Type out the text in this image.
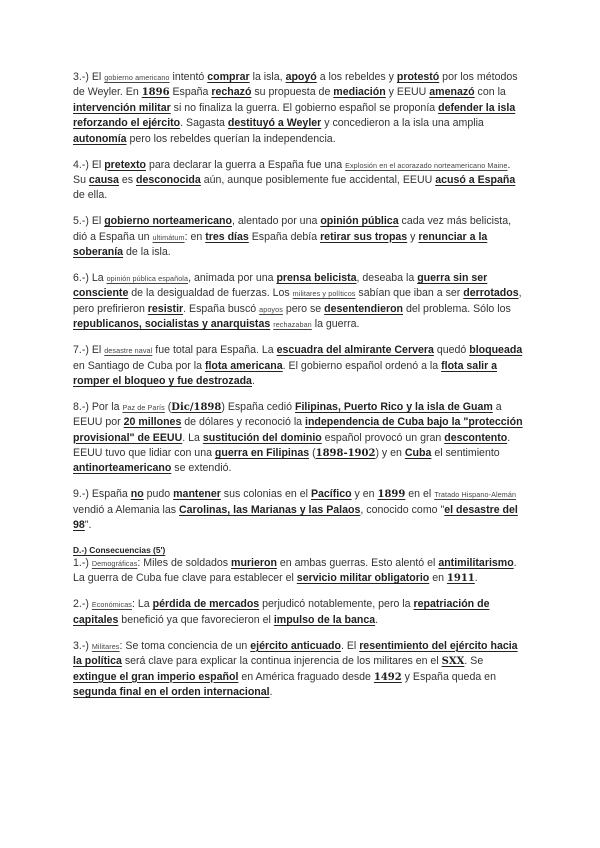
3.-) El gobierno americano intentó comprar la isla, apoyó a los rebeldes y protestó por los métodos de Weyler. En 1896 España rechazó su propuesta de mediación y EEUU amenazó con la intervención militar si no finaliza la guerra. El gobierno español se proponía defender la isla reforzando el ejército. Sagasta destituyó a Weyler y concedieron a la isla una amplia autonomía pero los rebeldes querían la independencia.

4.-) El pretexto para declarar la guerra a España fue una Explosión en el acorazado norteamericano Maine. Su causa es desconocida aún, aunque posiblemente fue accidental, EEUU acusó a España de ella.

5.-) El gobierno norteamericano, alentado por una opinión pública cada vez más belicista, dió a España un ultimátum: en tres días España debía retirar sus tropas y renunciar a la soberanía de la isla.

6.-) La opinión pública española, animada por una prensa belicista, deseaba la guerra sin ser consciente de la desigualdad de fuerzas. Los militares y políticos sabían que iban a ser derrotados, pero prefirieron resistir. España buscó apoyos pero se desentendieron del problema. Sólo los republicanos, socialistas y anarquistas rechazaban la guerra.

7.-) El desastre naval fue total para España. La escuadra del almirante Cervera quedó bloqueada en Santiago de Cuba por la flota americana. El gobierno español ordenó a la flota salir a romper el bloqueo y fue destrozada.

8.-) Por la Paz de París (Dic/1898) España cedió Filipinas, Puerto Rico y la isla de Guam a EEUU por 20 millones de dólares y reconoció la independencia de Cuba bajo la "protección provisional" de EEUU. La sustitución del dominio español provocó un gran descontento. EEUU tuvo que lidiar con una guerra en Filipinas (1898-1902) y en Cuba el sentimiento antinorteamericano se extendió.

9.-) España no pudo mantener sus colonias en el Pacífico y en 1899 en el Tratado Hispano-Alemán vendió a Alemania las Carolinas, las Marianas y las Palaos, conocido como "el desastre del 98".

D.-) Consecuencias (5')

1.-) Demográficas: Miles de soldados murieron en ambas guerras. Esto alentó el antimilitarismo. La guerra de Cuba fue clave para establecer el servicio militar obligatorio en 1911.

2.-) Económicas: La pérdida de mercados perjudicó notablemente, pero la repatriación de capitales benefició ya que favorecieron el impulso de la banca.

3.-) Militares: Se toma conciencia de un ejército anticuado. El resentimiento del ejército hacia la política será clave para explicar la continua injerencia de los militares en el SXX. Se extingue el gran imperio español en América fraguado desde 1492 y España queda en segunda final en el orden internacional.
